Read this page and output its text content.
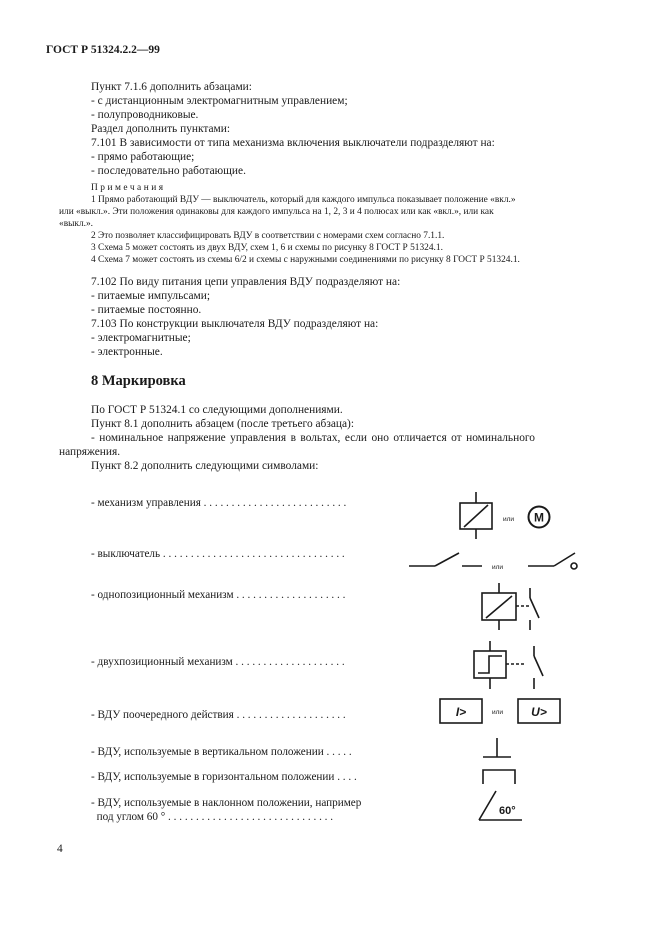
ГОСТ Р 51324.2.2—99
Пункт 7.1.6 дополнить абзацами:
- с дистанционным электромагнитным управлением;
- полупроводниковые.
Раздел дополнить пунктами:
7.101 В зависимости от типа механизма включения выключатели подразделяют на:
- прямо работающие;
- последовательно работающие.
Примечания
1 Прямо работающий ВДУ — выключатель, который для каждого импульса показывает положение «вкл.»
или «выкл.». Эти положения одинаковы для каждого импульса на 1, 2, 3 и 4 полюсах или как «вкл.», или как
«выкл.».
2 Это позволяет классифицировать ВДУ в соответствии с номерами схем согласно 7.1.1.
3 Схема 5 может состоять из двух ВДУ, схем 1, 6 и схемы по рисунку 8 ГОСТ Р 51324.1.
4 Схема 7 может состоять из схемы 6/2 и схемы с наружными соединениями по рисунку 8 ГОСТ Р 51324.1.
7.102 По виду питания цепи управления ВДУ подразделяют на:
- питаемые импульсами;
- питаемые постоянно.
7.103 По конструкции выключателя ВДУ подразделяют на:
- электромагнитные;
- электронные.
8 Маркировка
По ГОСТ Р 51324.1 со следующими дополнениями.
Пункт 8.1 дополнить абзацем (после третьего абзаца):
- номинальное напряжение управления в вольтах, если оно отличается от номинального
напряжения.
Пункт 8.2 дополнить следующими символами:
- механизм управления . . . . . . . . . . . . . . . . . . . . . . . . . .
- выключатель . . . . . . . . . . . . . . . . . . . . . . . . . . . . . . . . .
- однопозиционный механизм . . . . . . . . . . . . . . . . . . . .
- двухпозиционный механизм . . . . . . . . . . . . . . . . . . . .
- ВДУ поочередного действия . . . . . . . . . . . . . . . . . . . .
- ВДУ, используемые в вертикальном положении . . . . .
- ВДУ, используемые в горизонтальном положении . . . .
- ВДУ, используемые в наклонном положении, например
под углом 60 ° . . . . . . . . . . . . . . . . . . . . . . . . . . . . . .
4
или M
или
I>	или U>
60°
